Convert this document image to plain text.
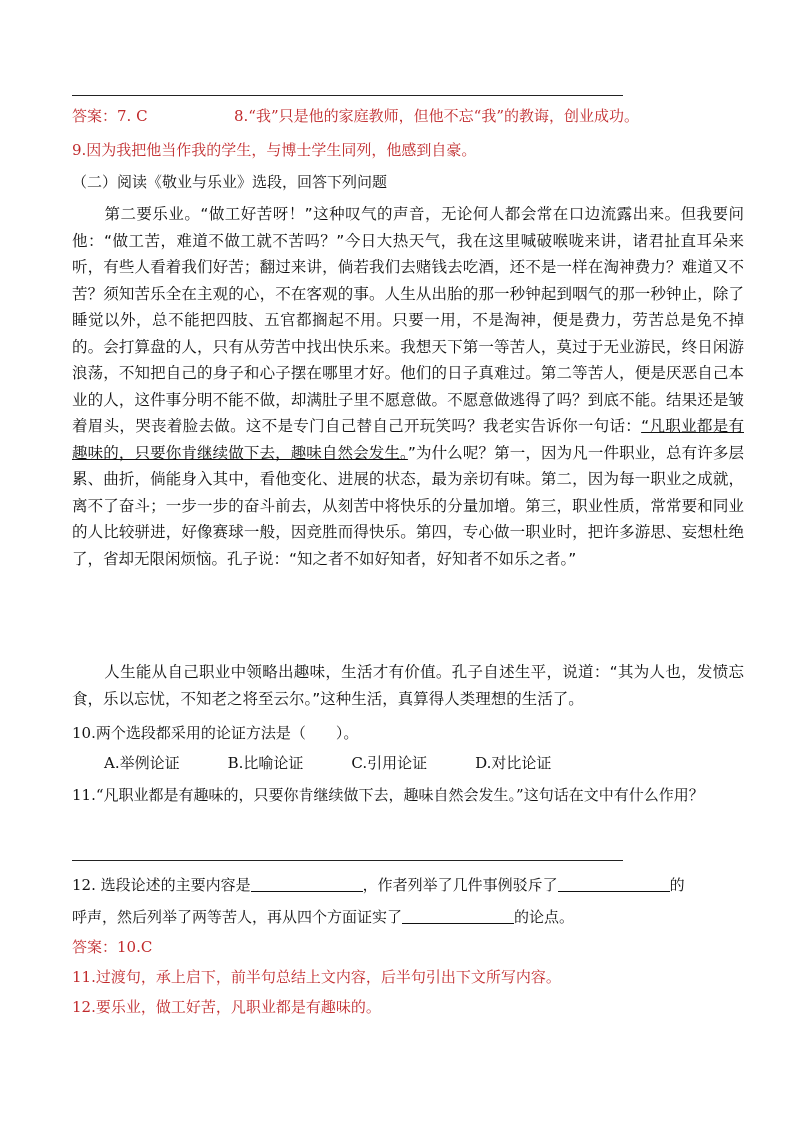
答案：7. C	8.“我”只是他的家庭教师，但他不忘“我”的教诲，创业成功。
9.因为我把他当作我的学生，与博士学生同列，他感到自豪。
（二）阅读《敬业与乐业》选段，回答下列问题
第二要乐业。“做工好苦呀！”这种叹气的声音，无论何人都会常在口边流露出来。但我要问他：“做工苦，难道不做工就不苦吗？”今日大热天气，我在这里喊破喉咙来讲，诸君扯直耳朵来听，有些人看着我们好苦；翻过来讲，倘若我们去赌钱去吃酒，还不是一样在淘神费力？难道又不苦？须知苦乐全在主观的心，不在客观的事。人生从出胎的那一秒钟起到咽气的那一秒钟止，除了睡觉以外，总不能把四肢、五官都搁起不用。只要一用，不是淘神，便是费力，劳苦总是免不掉的。会打算盘的人，只有从劳苦中找出快乐来。我想天下第一等苦人，莫过于无业游民，终日闲游浪荡，不知把自己的身子和心子摆在哪里才好。他们的日子真难过。第二等苦人，便是厌恶自己本业的人，这件事分明不能不做，却满肚子里不愿意做。不愿意做逃得了吗？到底不能。结果还是皱着眉头，哭丧着脸去做。这不是专门自己替自己开玩笑吗？我老实告诉你一句话：“凡职业都是有趣味的，只要你肯继续做下去，趣味自然会发生。”为什么呢？第一，因为凡一件职业，总有许多层累、曲折，倘能身入其中，看他变化、进展的状态，最为亲切有味。第二，因为每一职业之成就，离不了奋斗；一步一步的奋斗前去，从刻苦中将快乐的分量加增。第三，职业性质，常常要和同业的人比较骈进，好像赛球一般，因竞胜而得快乐。第四，专心做一职业时，把许多游思、妄想杜绝了，省却无限闲烦恼。孔子说：“知之者不如好知者，好知者不如乐之者。”
人生能从自己职业中领略出趣味，生活才有价值。孔子自述生平，说道：“其为人也，发愤忘食，乐以忘忧，不知老之将至云尔。”这种生活，真算得人类理想的生活了。
10.两个选段都采用的论证方法是（　　）。
A.举例论证	B.比喻论证	C.引用论证	D.对比论证
11.“凡职业都是有趣味的，只要你肯继续做下去，趣味自然会发生。”这句话在文中有什么作用？
12. 选段论述的主要内容是	，作者列举了几件事例驳斥了	的
呼声，然后列举了两等苦人，再从四个方面证实了	的论点。
答案：10.C
11.过渡句，承上启下，前半句总结上文内容，后半句引出下文所写内容。
12.要乐业，做工好苦，凡职业都是有趣味的。
